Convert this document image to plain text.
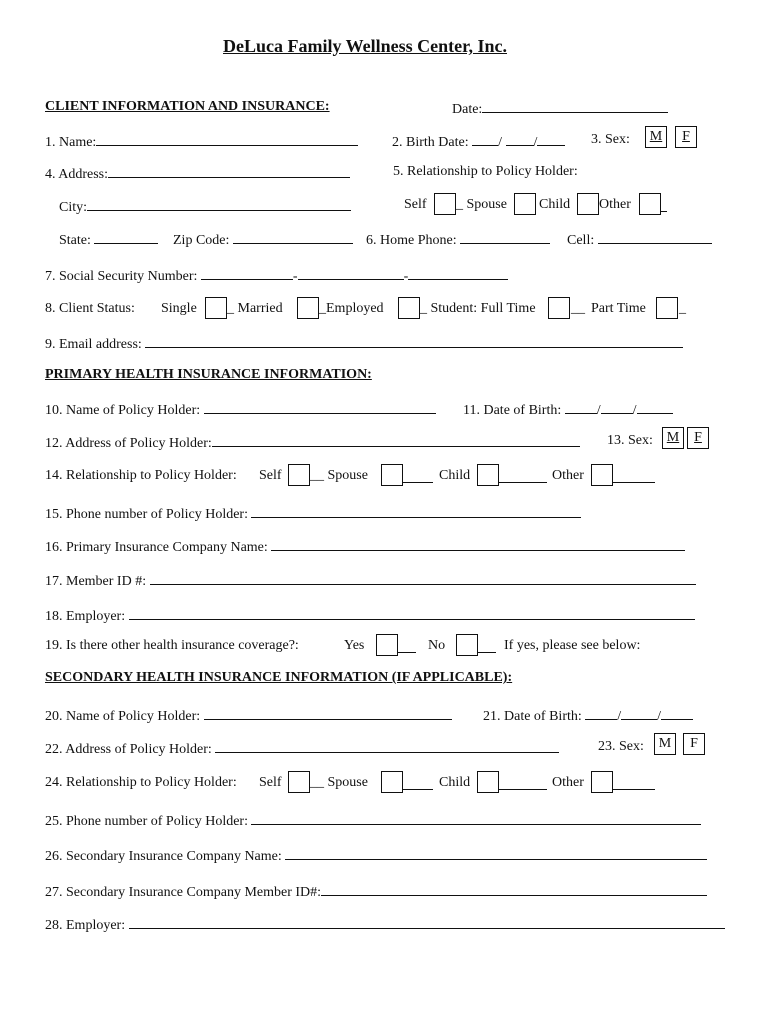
DeLuca Family Wellness Center, Inc.
CLIENT INFORMATION AND INSURANCE:	Date:
1. Name:	2. Birth Date: / /	3. Sex:	M	F
4. Address:	5. Relationship to Policy Holder:
City:	Self _ Spouse Child Other
State:	Zip Code:	6. Home Phone:	Cell:
7. Social Security Number:	-	-
8. Client Status: Single _ Married	_Employed	_ Student: Full Time	__ Part Time _
9. Email address:
PRIMARY HEALTH INSURANCE INFORMATION:
10. Name of Policy Holder:	11. Date of Birth:	/ /
12. Address of Policy Holder:	13. Sex: M	F
14. Relationship to Policy Holder: Self __ Spouse	Child	Other
15. Phone number of Policy Holder:
16. Primary Insurance Company Name:
17. Member ID #:
18. Employer:
19. Is there other health insurance coverage?:	Yes	No	If yes, please see below:
SECONDARY HEALTH INSURANCE INFORMATION (IF APPLICABLE):
20. Name of Policy Holder:	21. Date of Birth:	/	/
22. Address of Policy Holder:	23. Sex:	M	F
24. Relationship to Policy Holder: Self __ Spouse	Child	Other
25. Phone number of Policy Holder:
26. Secondary Insurance Company Name:
27. Secondary Insurance Company Member ID#:
28. Employer:
